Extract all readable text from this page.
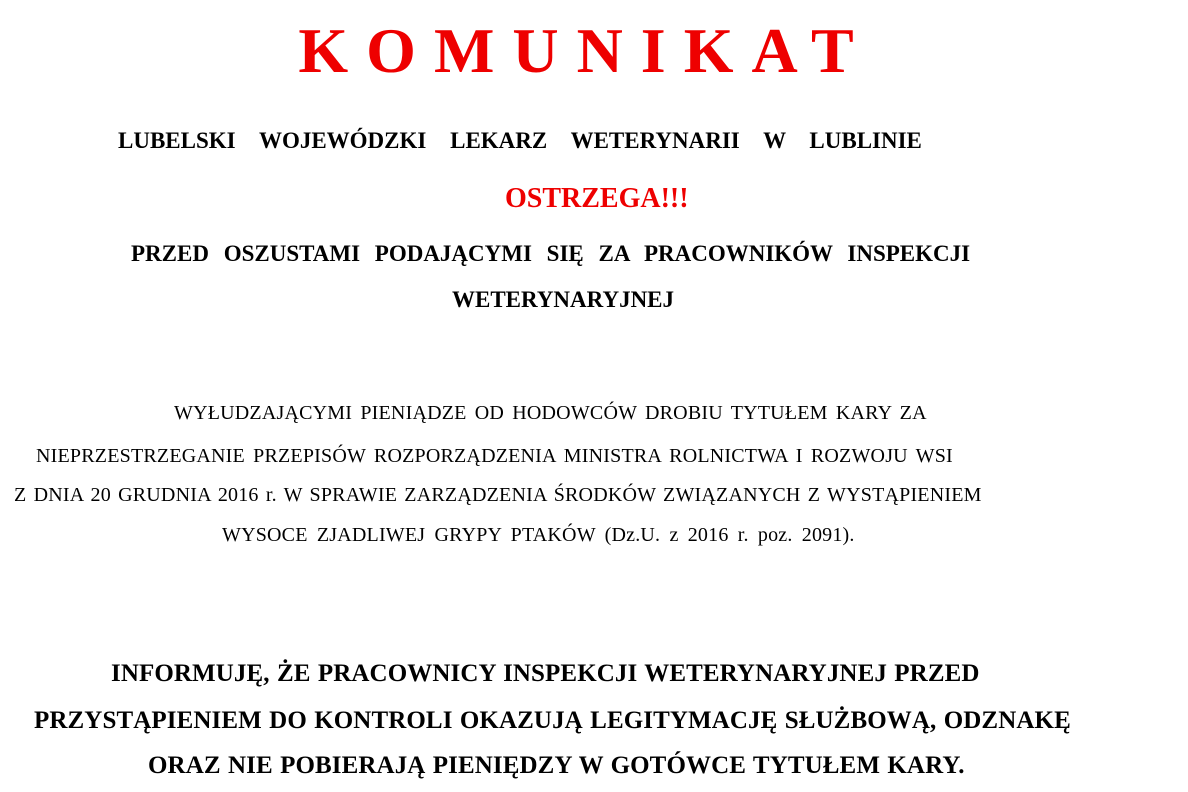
KOMUNIKAT
LUBELSKI WOJEWÓDZKI LEKARZ WETERYNARII W LUBLINIE
OSTRZEGA!!!
PRZED OSZUSTAMI PODAJĄCYMI SIĘ ZA PRACOWNIKÓW INSPEKCJI
WETERYNARYJNEJ
WYŁUDZAJĄCYMI PIENIĄDZE OD HODOWCÓW DROBIU TYTUŁEM KARY ZA
NIEPRZESTRZEGANIE PRZEPISÓW ROZPORZĄDZENIA MINISTRA ROLNICTWA I ROZWOJU WSI
Z DNIA 20 GRUDNIA 2016 r. W SPRAWIE ZARZĄDZENIA ŚRODKÓW ZWIĄZANYCH Z WYSTĄPIENIEM
WYSOCE ZJADLIWEJ GRYPY PTAKÓW (Dz.U. z 2016 r. poz. 2091).
INFORMUJĘ, ŻE PRACOWNICY INSPEKCJI WETERYNARYJNEJ PRZED
PRZYSTĄPIENIEM DO KONTROLI OKAZUJĄ LEGITYMACJĘ SŁUŻBOWĄ, ODZNAKĘ
ORAZ NIE POBIERAJĄ PIENIĘDZY W GOTÓWCE TYTUŁEM KARY.
